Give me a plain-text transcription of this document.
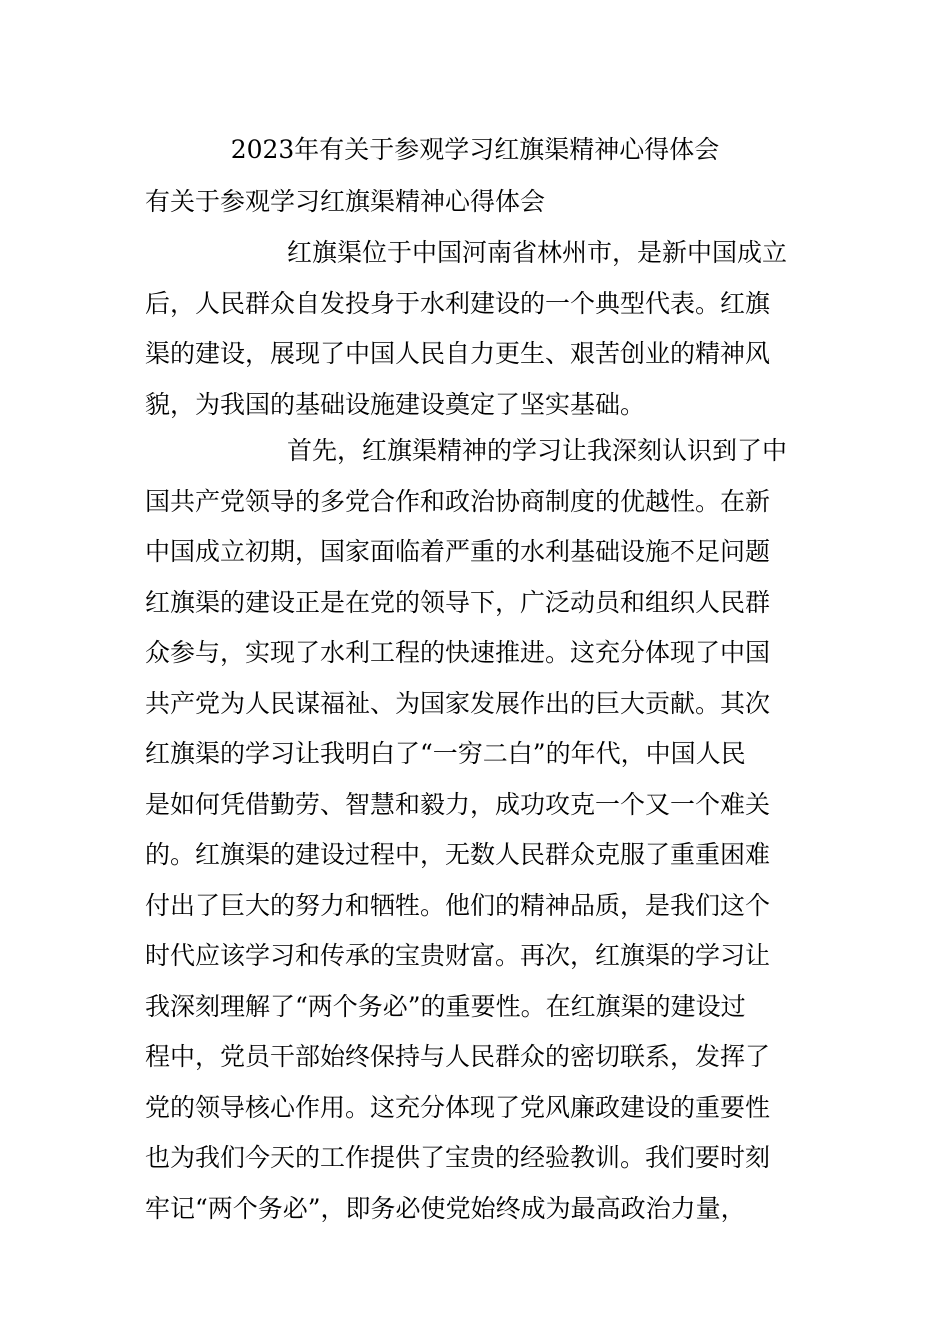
2023年有关于参观学习红旗渠精神心得体会

有关于参观学习红旗渠精神心得体会

红旗渠位于中国河南省林州市，是新中国成立
后，人民群众自发投身于水利建设的一个典型代表。红旗
渠的建设，展现了中国人民自力更生、艰苦创业的精神风
貌，为我国的基础设施建设奠定了坚实基础。
首先，红旗渠精神的学习让我深刻认识到了中
国共产党领导的多党合作和政治协商制度的优越性。在新
中国成立初期，国家面临着严重的水利基础设施不足问题
红旗渠的建设正是在党的领导下，广泛动员和组织人民群
众参与，实现了水利工程的快速推进。这充分体现了中国
共产党为人民谋福祉、为国家发展作出的巨大贡献。其次
红旗渠的学习让我明白了“一穷二白”的年代，中国人民
是如何凭借勤劳、智慧和毅力，成功攻克一个又一个难关
的。红旗渠的建设过程中，无数人民群众克服了重重困难
付出了巨大的努力和牺牲。他们的精神品质，是我们这个
时代应该学习和传承的宝贵财富。再次，红旗渠的学习让
我深刻理解了“两个务必”的重要性。在红旗渠的建设过
程中，党员干部始终保持与人民群众的密切联系，发挥了
党的领导核心作用。这充分体现了党风廉政建设的重要性
也为我们今天的工作提供了宝贵的经验教训。我们要时刻
牢记“两个务必”，即务必使党始终成为最高政治力量，
